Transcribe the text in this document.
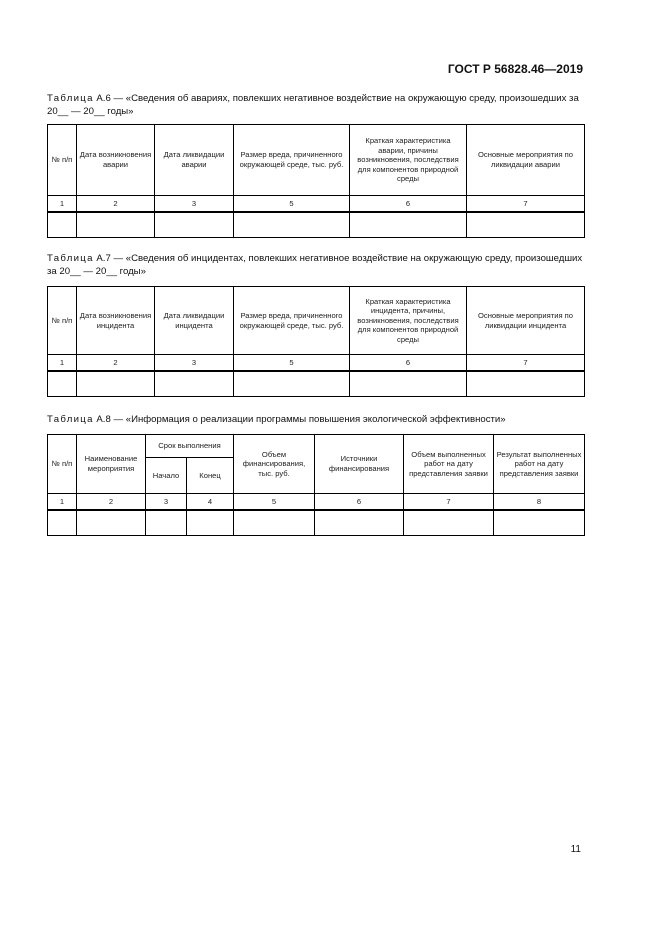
ГОСТ Р 56828.46—2019
Таблица А.6 — «Сведения об авариях, повлекших негативное воздействие на окружающую среду, произошедших за 20__ — 20__ годы»
№ п/п	Дата возникновения аварии	Дата ликвидации аварии	Размер вреда, причиненного окружающей среде, тыс. руб.	Краткая характеристика аварии, причины возникновения, последствия для компонентов природной среды	Основные мероприятия по ликвидации аварии
1	2	3	5	6	7

Таблица А.7 — «Сведения об инцидентах, повлекших негативное воздействие на окружающую среду, произошедших за 20__ — 20__ годы»
№ п/п	Дата возникновения инцидента	Дата ликвидации инцидента	Размер вреда, причиненного окружающей среде, тыс. руб.	Краткая характеристика инцидента, причины, возникновения, последствия для компонентов природной среды	Основные мероприятия по ликвидации инцидента
1	2	3	5	6	7

Таблица А.8 — «Информация о реализации программы повышения экологической эффективности»
№ п/п	Наименование мероприятия	Срок выполнения		Объем финансирования, тыс. руб.	Источники финансирования	Объем выполненных работ на дату представления заявки	Результат выполненных работ на дату представления заявки
		Начало	Конец				
1	2	3	4	5	6	7	8

11
